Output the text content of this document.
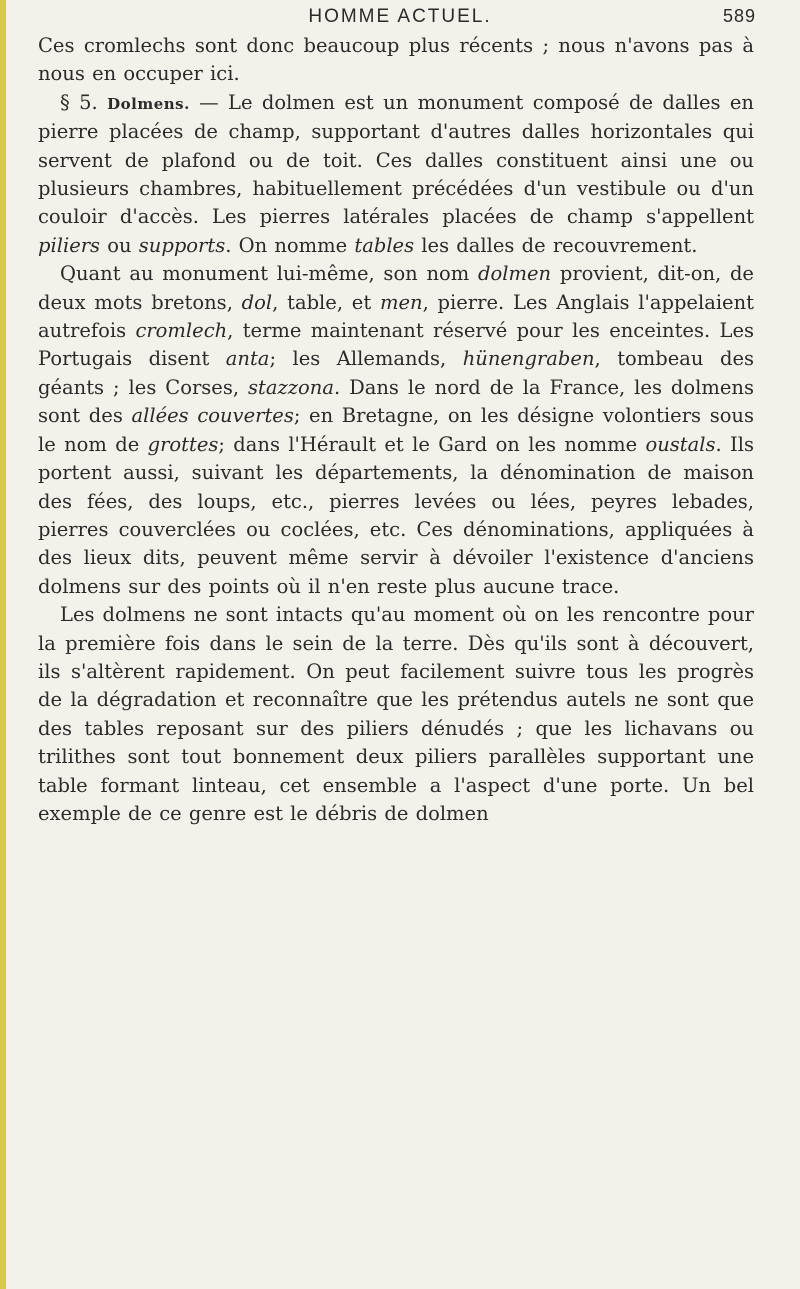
HOMME ACTUEL.	589

Ces cromlechs sont donc beaucoup plus récents ; nous n'avons pas à nous en occuper ici.

§ 5. Dolmens. — Le dolmen est un monument composé de dalles en pierre placées de champ, supportant d'autres dalles horizontales qui servent de plafond ou de toit. Ces dalles constituent ainsi une ou plusieurs chambres, habituellement précédées d'un vestibule ou d'un couloir d'accès. Les pierres latérales placées de champ s'appellent piliers ou supports. On nomme tables les dalles de recouvrement.

Quant au monument lui-même, son nom dolmen provient, dit-on, de deux mots bretons, dol, table, et men, pierre. Les Anglais l'appelaient autrefois cromlech, terme maintenant réservé pour les enceintes. Les Portugais disent anta; les Allemands, hünengraben, tombeau des géants ; les Corses, stazzona. Dans le nord de la France, les dolmens sont des allées couvertes; en Bretagne, on les désigne volontiers sous le nom de grottes; dans l'Hérault et le Gard on les nomme oustals. Ils portent aussi, suivant les départements, la dénomination de maison des fées, des loups, etc., pierres levées ou lées, peyres lebades, pierres couverclées ou coclées, etc. Ces dénominations, appliquées à des lieux dits, peuvent même servir à dévoiler l'existence d'anciens dolmens sur des points où il n'en reste plus aucune trace.

Les dolmens ne sont intacts qu'au moment où on les rencontre pour la première fois dans le sein de la terre. Dès qu'ils sont à découvert, ils s'altèrent rapidement. On peut facilement suivre tous les progrès de la dégradation et reconnaître que les prétendus autels ne sont que des tables reposant sur des piliers dénudés ; que les lichavans ou trilithes sont tout bonnement deux piliers parallèles supportant une table formant linteau, cet ensemble a l'aspect d'une porte. Un bel exemple de ce genre est le débris de dolmen
